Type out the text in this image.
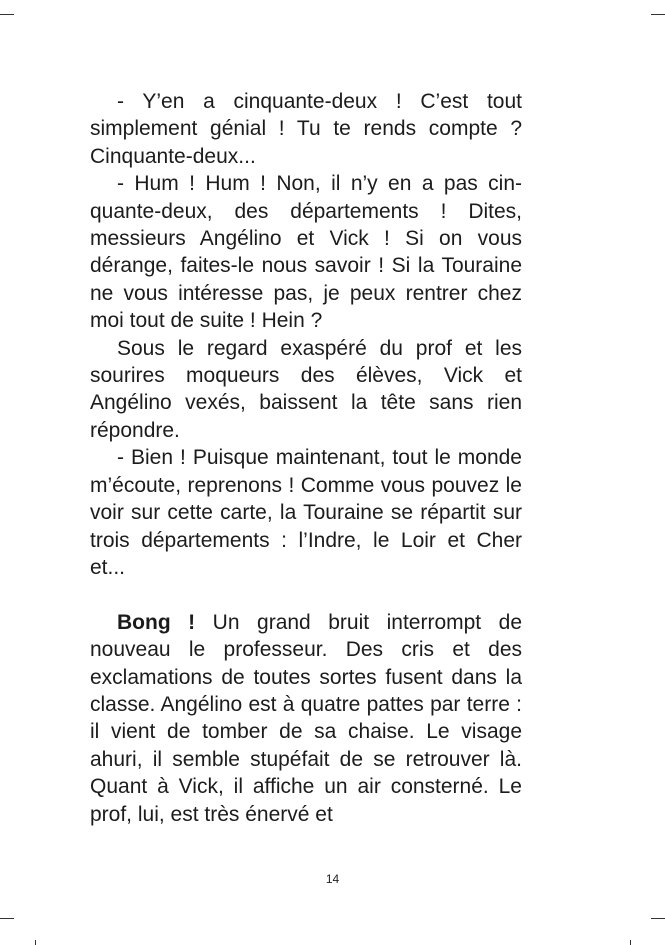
- Y’en a cinquante-deux ! C’est tout simplement génial ! Tu te rends compte ? Cinquante-deux...

- Hum ! Hum ! Non, il n’y en a pas cinquante-deux, des départements ! Dites, messieurs Angélino et Vick ! Si on vous dérange, faites-le nous savoir ! Si la Touraine ne vous intéresse pas, je peux rentrer chez moi tout de suite ! Hein ?

Sous le regard exaspéré du prof et les sourires moqueurs des élèves, Vick et Angélino vexés, baissent la tête sans rien répondre.

- Bien ! Puisque maintenant, tout le monde m’écoute, reprenons ! Comme vous pouvez le voir sur cette carte, la Touraine se répartit sur trois départements : l’Indre, le Loir et Cher et...

Bong ! Un grand bruit interrompt de nouveau le professeur. Des cris et des exclamations de toutes sortes fusent dans la classe. Angélino est à quatre pattes par terre : il vient de tomber de sa chaise. Le visage ahuri, il semble stupéfait de se retrouver là. Quant à Vick, il affiche un air consterné. Le prof, lui, est très énervé et

14
